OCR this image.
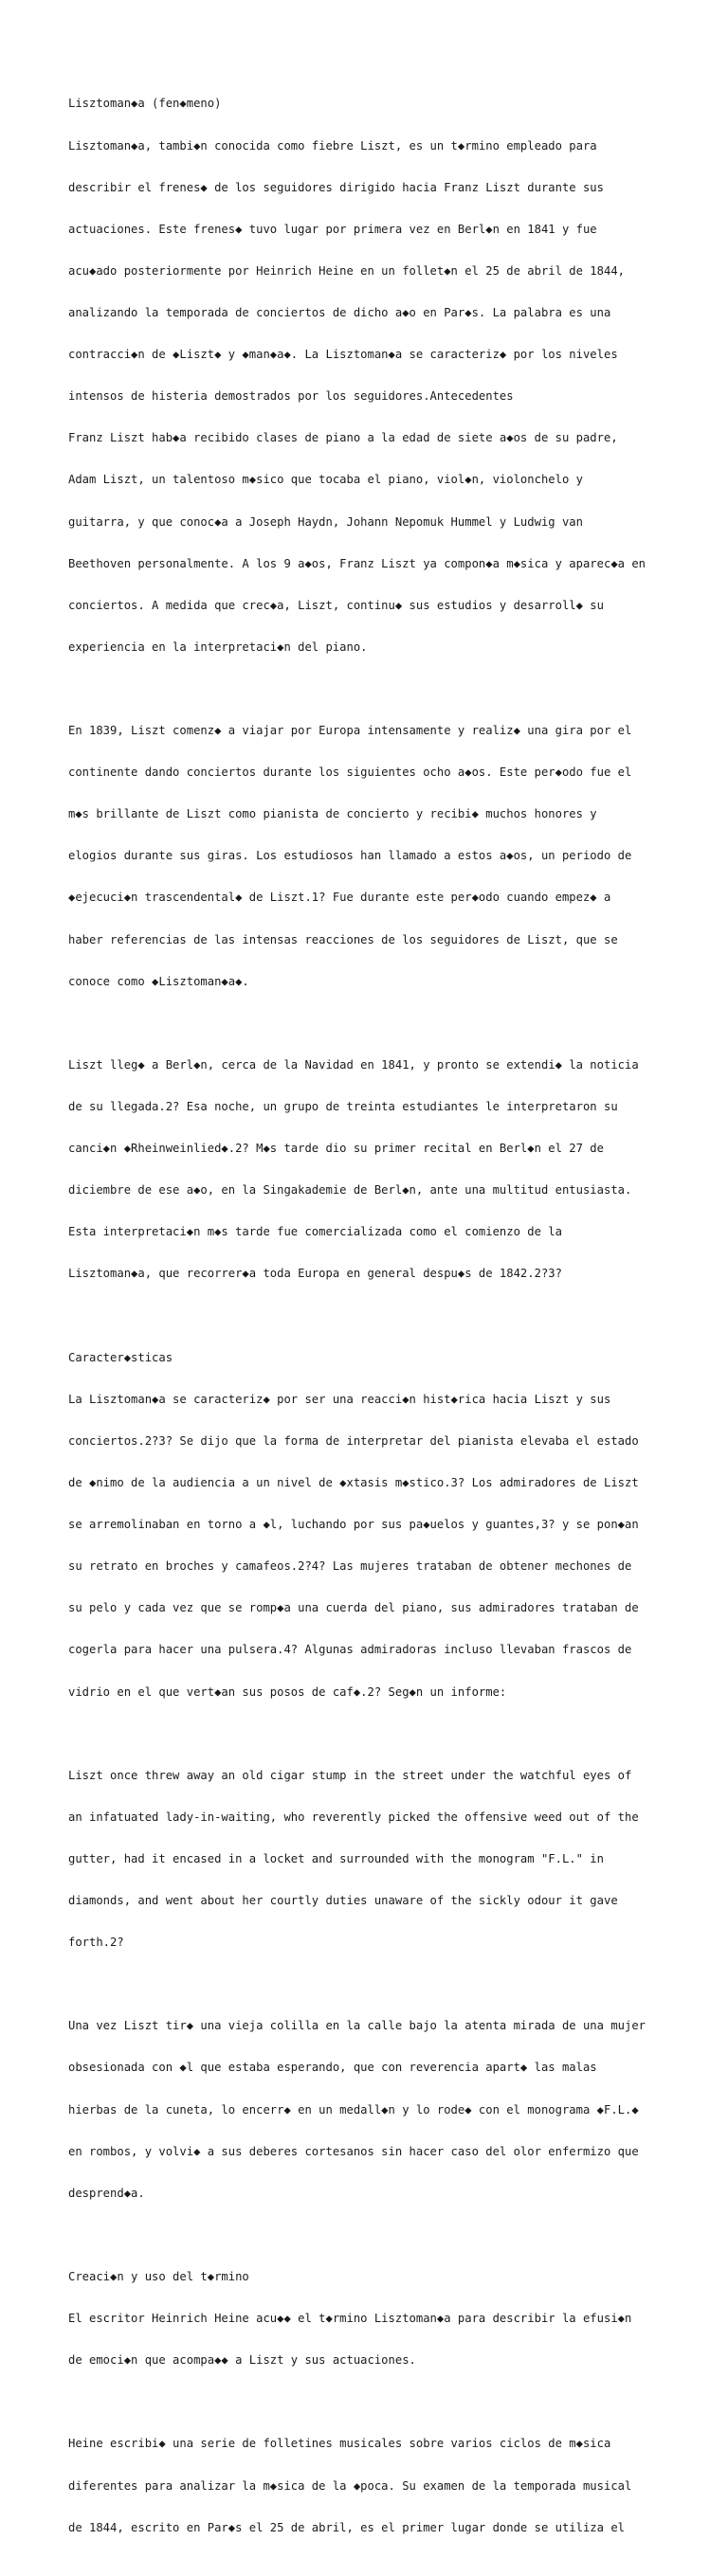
Lisztoman◆a (fen◆meno)

Lisztoman◆a, tambi◆n conocida como fiebre Liszt, es un t◆rmino empleado para

describir el frenes◆ de los seguidores dirigido hacia Franz Liszt durante sus

actuaciones. Este frenes◆ tuvo lugar por primera vez en Berl◆n en 1841 y fue

acu◆ado posteriormente por Heinrich Heine en un follet◆n el 25 de abril de 1844,

analizando la temporada de conciertos de dicho a◆o en Par◆s. La palabra es una

contracci◆n de ◆Liszt◆ y ◆man◆a◆. La Lisztoman◆a se caracteriz◆ por los niveles

intensos de histeria demostrados por los seguidores.Antecedentes

Franz Liszt hab◆a recibido clases de piano a la edad de siete a◆os de su padre,

Adam Liszt, un talentoso m◆sico que tocaba el piano, viol◆n, violonchelo y

guitarra, y que conoc◆a a Joseph Haydn, Johann Nepomuk Hummel y Ludwig van

Beethoven personalmente. A los 9 a◆os, Franz Liszt ya compon◆a m◆sica y aparec◆a en

conciertos. A medida que crec◆a, Liszt, continu◆ sus estudios y desarroll◆ su

experiencia en la interpretaci◆n del piano.

En 1839, Liszt comenz◆ a viajar por Europa intensamente y realiz◆ una gira por el

continente dando conciertos durante los siguientes ocho a◆os. Este per◆odo fue el

m◆s brillante de Liszt como pianista de concierto y recibi◆ muchos honores y

elogios durante sus giras. Los estudiosos han llamado a estos a◆os, un periodo de

◆ejecuci◆n trascendental◆ de Liszt.1? Fue durante este per◆odo cuando empez◆ a

haber referencias de las intensas reacciones de los seguidores de Liszt, que se

conoce como ◆Lisztoman◆a◆.

Liszt lleg◆ a Berl◆n, cerca de la Navidad en 1841, y pronto se extendi◆ la noticia

de su llegada.2? Esa noche, un grupo de treinta estudiantes le interpretaron su

canci◆n ◆Rheinweinlied◆.2? M◆s tarde dio su primer recital en Berl◆n el 27 de

diciembre de ese a◆o, en la Singakademie de Berl◆n, ante una multitud entusiasta.

Esta interpretaci◆n m◆s tarde fue comercializada como el comienzo de la

Lisztoman◆a, que recorrer◆a toda Europa en general despu◆s de 1842.2?3?

Caracter◆sticas

La Lisztoman◆a se caracteriz◆ por ser una reacci◆n hist◆rica hacia Liszt y sus

conciertos.2?3? Se dijo que la forma de interpretar del pianista elevaba el estado

de ◆nimo de la audiencia a un nivel de ◆xtasis m◆stico.3? Los admiradores de Liszt

se arremolinaban en torno a ◆l, luchando por sus pa◆uelos y guantes,3? y se pon◆an

su retrato en broches y camafeos.2?4? Las mujeres trataban de obtener mechones de

su pelo y cada vez que se romp◆a una cuerda del piano, sus admiradores trataban de

cogerla para hacer una pulsera.4? Algunas admiradoras incluso llevaban frascos de

vidrio en el que vert◆an sus posos de caf◆.2? Seg◆n un informe:

Liszt once threw away an old cigar stump in the street under the watchful eyes of

an infatuated lady-in-waiting, who reverently picked the offensive weed out of the

gutter, had it encased in a locket and surrounded with the monogram "F.L." in

diamonds, and went about her courtly duties unaware of the sickly odour it gave

forth.2?

Una vez Liszt tir◆ una vieja colilla en la calle bajo la atenta mirada de una mujer

obsesionada con ◆l que estaba esperando, que con reverencia apart◆ las malas

hierbas de la cuneta, lo encerr◆ en un medall◆n y lo rode◆ con el monograma ◆F.L.◆

en rombos, y volvi◆ a sus deberes cortesanos sin hacer caso del olor enfermizo que

desprend◆a.

Creaci◆n y uso del t◆rmino

El escritor Heinrich Heine acu◆◆ el t◆rmino Lisztoman◆a para describir la efusi◆n

de emoci◆n que acompa◆◆ a Liszt y sus actuaciones.

Heine escribi◆ una serie de folletines musicales sobre varios ciclos de m◆sica

diferentes para analizar la m◆sica de la ◆poca. Su examen de la temporada musical

de 1844, escrito en Par◆s el 25 de abril, es el primer lugar donde se utiliza el
